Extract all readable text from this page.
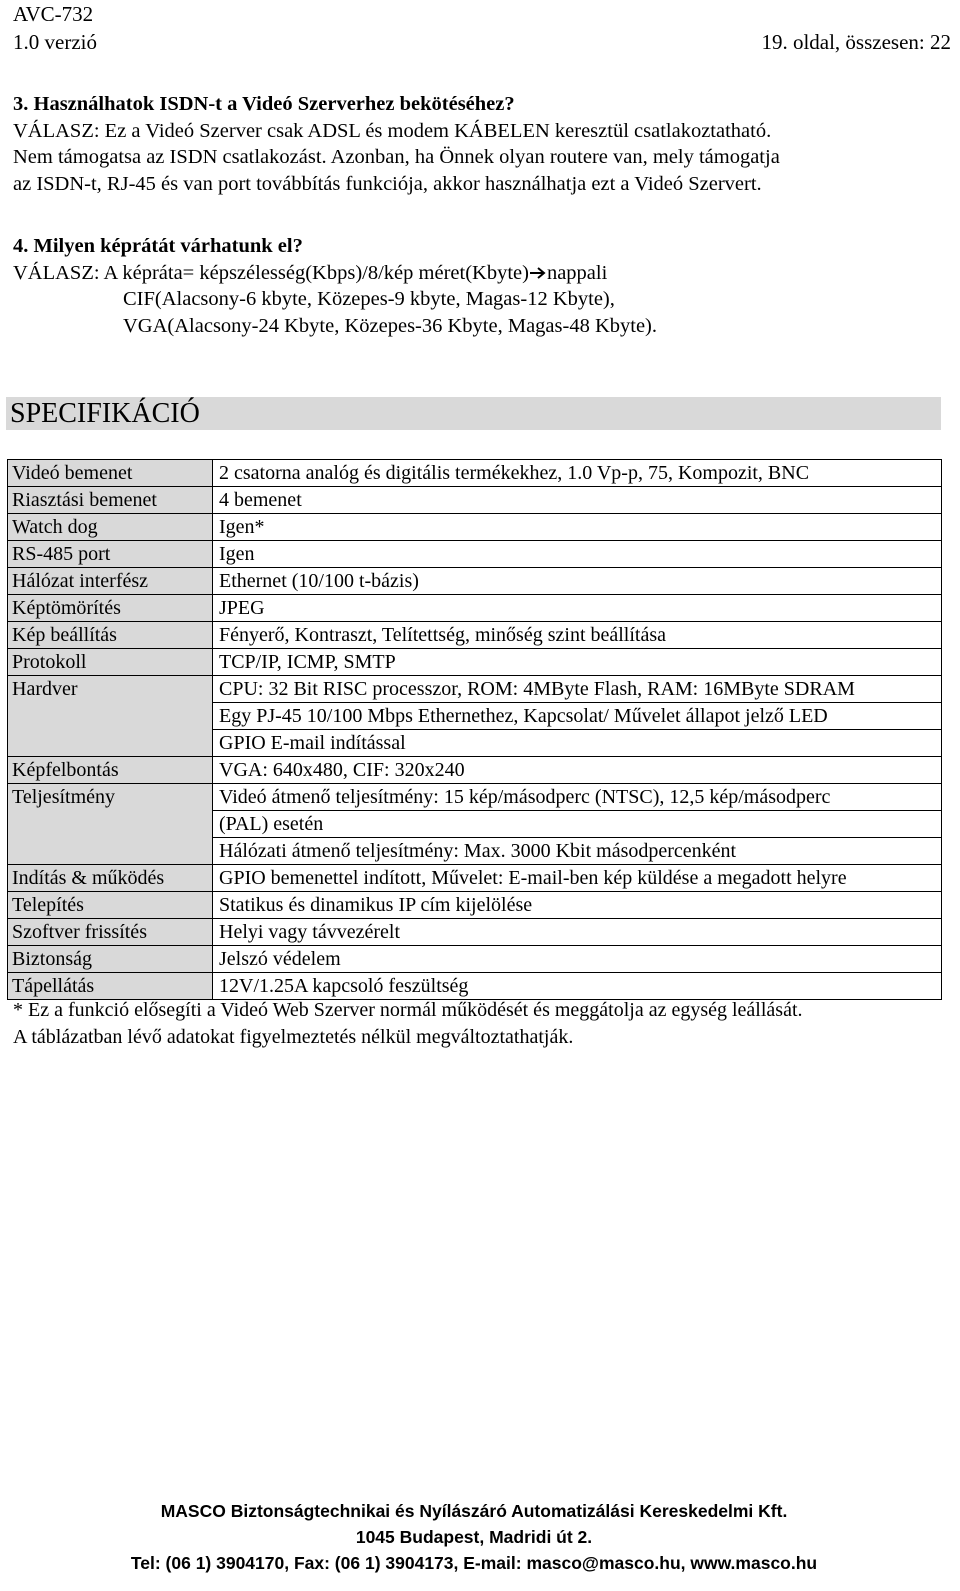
AVC-732
1.0 verzió	19. oldal, összesen: 22
3. Használhatok ISDN-t a Videó Szerverhez bekötéséhez?
VÁLASZ: Ez a Videó Szerver csak ADSL és modem KÁBELEN keresztül csatlakoztatható.
Nem támogatsa az ISDN csatlakozást. Azonban, ha Önnek olyan routere van, mely támogatja
az ISDN-t, RJ-45 és van port továbbítás funkciója, akkor használhatja ezt a Videó Szervert.
4. Milyen képrátát várhatunk el?
VÁLASZ: A képráta= képszélesség(Kbps)/8/kép méret(Kbyte) nappali
CIF(Alacsony-6 kbyte, Közepes-9 kbyte, Magas-12 Kbyte),
VGA(Alacsony-24 Kbyte, Közepes-36 Kbyte, Magas-48 Kbyte).
SPECIFIKÁCIÓ
Videó bemenet	2 csatorna analóg és digitális termékekhez, 1.0 Vp-p, 75, Kompozit, BNC
Riasztási bemenet	4 bemenet
Watch dog	Igen*
RS-485 port	Igen
Hálózat interfész	Ethernet (10/100 t-bázis)
Képtömörítés	JPEG
Kép beállítás	Fényerő, Kontraszt, Telítettség, minőség szint beállítása
Protokoll	TCP/IP, ICMP, SMTP
Hardver	CPU: 32 Bit RISC processzor, ROM: 4MByte Flash, RAM: 16MByte SDRAM
	Egy PJ-45 10/100 Mbps Ethernethez, Kapcsolat/ Művelet állapot jelző LED
	GPIO E-mail indítással
Képfelbontás	VGA: 640x480, CIF: 320x240
Teljesítmény	Videó átmenő teljesítmény: 15 kép/másodperc (NTSC), 12,5 kép/másodperc
	(PAL) esetén
	Hálózati átmenő teljesítmény: Max. 3000 Kbit másodpercenként
Indítás & működés	GPIO bemenettel indított, Művelet: E-mail-ben kép küldése a megadott helyre
Telepítés	Statikus és dinamikus IP cím kijelölése
Szoftver frissítés	Helyi vagy távvezérelt
Biztonság	Jelszó védelem
Tápellátás	12V/1.25A kapcsoló feszültség
* Ez a funkció elősegíti a Videó Web Szerver normál működését és meggátolja az egység leállását.
A táblázatban lévő adatokat figyelmeztetés nélkül megváltoztathatják.
MASCO Biztonságtechnikai és Nyílászáró Automatizálási Kereskedelmi Kft.
1045 Budapest, Madridi út 2.
Tel: (06 1) 3904170, Fax: (06 1) 3904173, E-mail: masco@masco.hu, www.masco.hu
